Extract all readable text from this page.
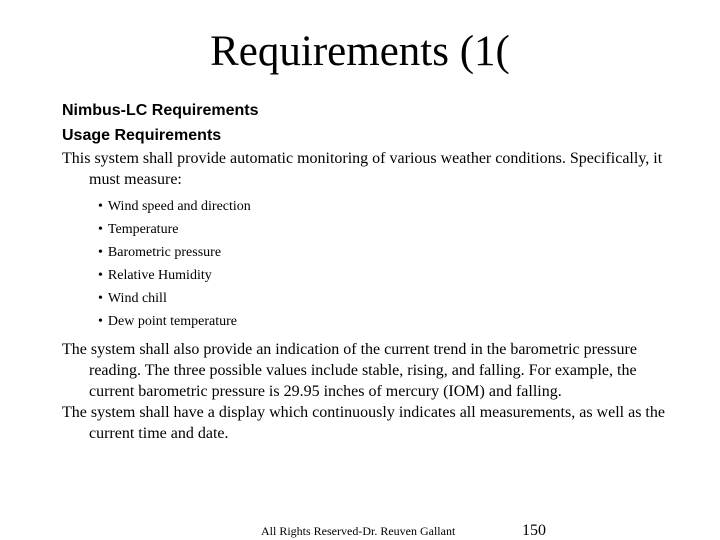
Requirements (1(

Nimbus-LC Requirements

Usage Requirements

This system shall provide automatic monitoring of various weather conditions. Specifically, it must measure:

• Wind speed and direction
• Temperature
• Barometric pressure
• Relative Humidity
• Wind chill
• Dew point temperature

The system shall also provide an indication of the current trend in the barometric pressure reading. The three possible values include stable, rising, and falling. For example, the current barometric pressure is 29.95 inches of mercury (IOM) and falling.

The system shall have a display which continuously indicates all measurements, as well as the current time and date.

All Rights Reserved-Dr. Reuven Gallant	150
